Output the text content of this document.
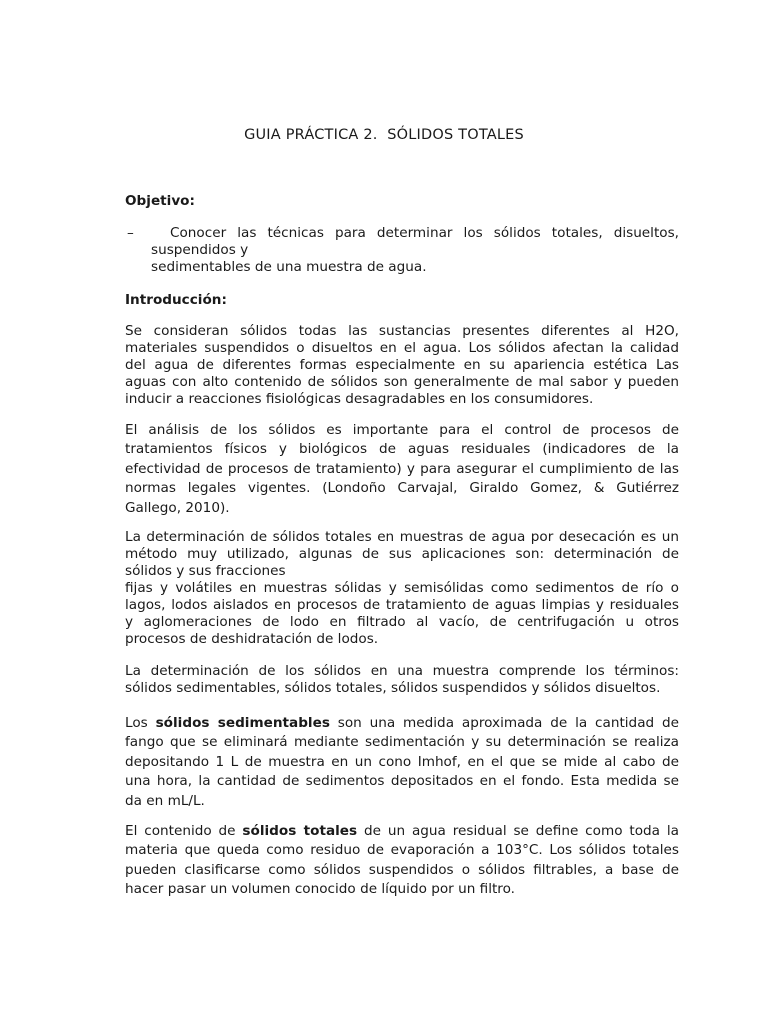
GUIA PRÁCTICA 2. SÓLIDOS TOTALES
Objetivo:
–	Conocer las técnicas para determinar los sólidos totales, disueltos,
suspendidos y
sedimentables de una muestra de agua.
Introducción:
Se consideran sólidos todas las sustancias presentes diferentes al H2O,
materiales suspendidos o disueltos en el agua. Los sólidos afectan la calidad
del agua de diferentes formas especialmente en su apariencia estética Las
aguas con alto contenido de sólidos son generalmente de mal sabor y pueden
inducir a reacciones fisiológicas desagradables en los consumidores.
El análisis de los sólidos es importante para el control de procesos de
tratamientos físicos y biológicos de aguas residuales (indicadores de la
efectividad de procesos de tratamiento) y para asegurar el cumplimiento de las
normas legales vigentes. (Londoño Carvajal, Giraldo Gomez, & Gutiérrez
Gallego, 2010).
La determinación de sólidos totales en muestras de agua por desecación es un
método muy utilizado, algunas de sus aplicaciones son: determinación de
sólidos y sus fracciones
fijas y volátiles en muestras sólidas y semisólidas como sedimentos de río o
lagos, lodos aislados en procesos de tratamiento de aguas limpias y residuales
y aglomeraciones de lodo en filtrado al vacío, de centrifugación u otros
procesos de deshidratación de lodos.
La determinación de los sólidos en una muestra comprende los términos:
sólidos sedimentables, sólidos totales, sólidos suspendidos y sólidos disueltos.
Los sólidos sedimentables son una medida aproximada de la cantidad de
fango que se eliminará mediante sedimentación y su determinación se realiza
depositando 1 L de muestra en un cono Imhof, en el que se mide al cabo de
una hora, la cantidad de sedimentos depositados en el fondo. Esta medida se
da en mL/L.
El contenido de sólidos totales de un agua residual se define como toda la
materia que queda como residuo de evaporación a 103°C. Los sólidos totales
pueden clasificarse como sólidos suspendidos o sólidos filtrables, a base de
hacer pasar un volumen conocido de líquido por un filtro.
